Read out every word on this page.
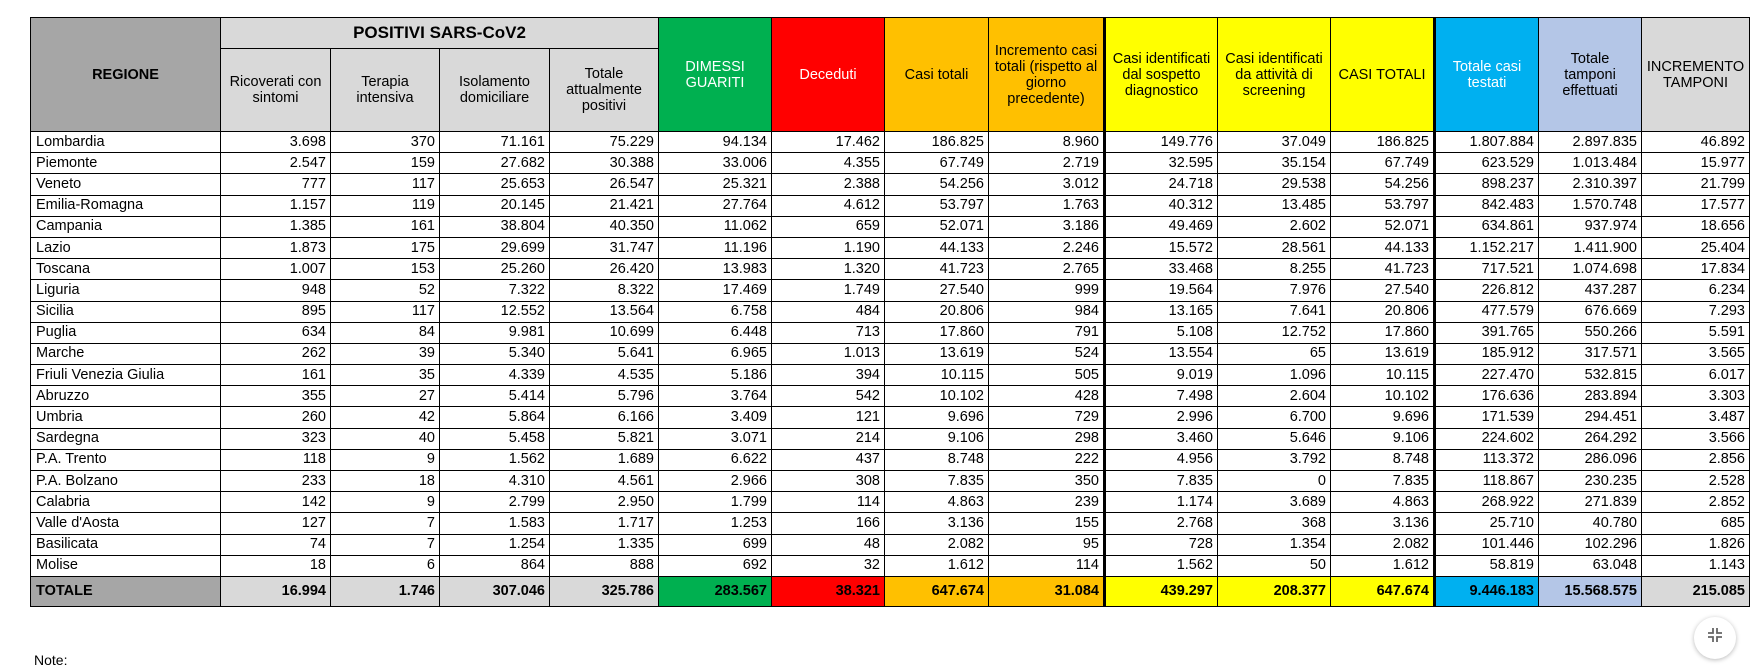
REGIONE	POSITIVI SARS-CoV2				DIMESSI GUARITI	Deceduti	Casi totali	Incremento casi totali (rispetto al giorno precedente)	Casi identificati dal sospetto diagnostico	Casi identificati da attività di screening	CASI TOTALI	Totale casi testati	Totale tamponi effettuati	INCREMENTO TAMPONI
	Ricoverati con sintomi	Terapia intensiva	Isolamento domiciliare	Totale attualmente positivi										
Lombardia	3.698	370	71.161	75.229	94.134	17.462	186.825	8.960	149.776	37.049	186.825	1.807.884	2.897.835	46.892
Piemonte	2.547	159	27.682	30.388	33.006	4.355	67.749	2.719	32.595	35.154	67.749	623.529	1.013.484	15.977
Veneto	777	117	25.653	26.547	25.321	2.388	54.256	3.012	24.718	29.538	54.256	898.237	2.310.397	21.799
Emilia-Romagna	1.157	119	20.145	21.421	27.764	4.612	53.797	1.763	40.312	13.485	53.797	842.483	1.570.748	17.577
Campania	1.385	161	38.804	40.350	11.062	659	52.071	3.186	49.469	2.602	52.071	634.861	937.974	18.656
Lazio	1.873	175	29.699	31.747	11.196	1.190	44.133	2.246	15.572	28.561	44.133	1.152.217	1.411.900	25.404
Toscana	1.007	153	25.260	26.420	13.983	1.320	41.723	2.765	33.468	8.255	41.723	717.521	1.074.698	17.834
Liguria	948	52	7.322	8.322	17.469	1.749	27.540	999	19.564	7.976	27.540	226.812	437.287	6.234
Sicilia	895	117	12.552	13.564	6.758	484	20.806	984	13.165	7.641	20.806	477.579	676.669	7.293
Puglia	634	84	9.981	10.699	6.448	713	17.860	791	5.108	12.752	17.860	391.765	550.266	5.591
Marche	262	39	5.340	5.641	6.965	1.013	13.619	524	13.554	65	13.619	185.912	317.571	3.565
Friuli Venezia Giulia	161	35	4.339	4.535	5.186	394	10.115	505	9.019	1.096	10.115	227.470	532.815	6.017
Abruzzo	355	27	5.414	5.796	3.764	542	10.102	428	7.498	2.604	10.102	176.636	283.894	3.303
Umbria	260	42	5.864	6.166	3.409	121	9.696	729	2.996	6.700	9.696	171.539	294.451	3.487
Sardegna	323	40	5.458	5.821	3.071	214	9.106	298	3.460	5.646	9.106	224.602	264.292	3.566
P.A. Trento	118	9	1.562	1.689	6.622	437	8.748	222	4.956	3.792	8.748	113.372	286.096	2.856
P.A. Bolzano	233	18	4.310	4.561	2.966	308	7.835	350	7.835	0	7.835	118.867	230.235	2.528
Calabria	142	9	2.799	2.950	1.799	114	4.863	239	1.174	3.689	4.863	268.922	271.839	2.852
Valle d'Aosta	127	7	1.583	1.717	1.253	166	3.136	155	2.768	368	3.136	25.710	40.780	685
Basilicata	74	7	1.254	1.335	699	48	2.082	95	728	1.354	2.082	101.446	102.296	1.826
Molise	18	6	864	888	692	32	1.612	114	1.562	50	1.612	58.819	63.048	1.143
TOTALE	16.994	1.746	307.046	325.786	283.567	38.321	647.674	31.084	439.297	208.377	647.674	9.446.183	15.568.575	215.085
Note:
